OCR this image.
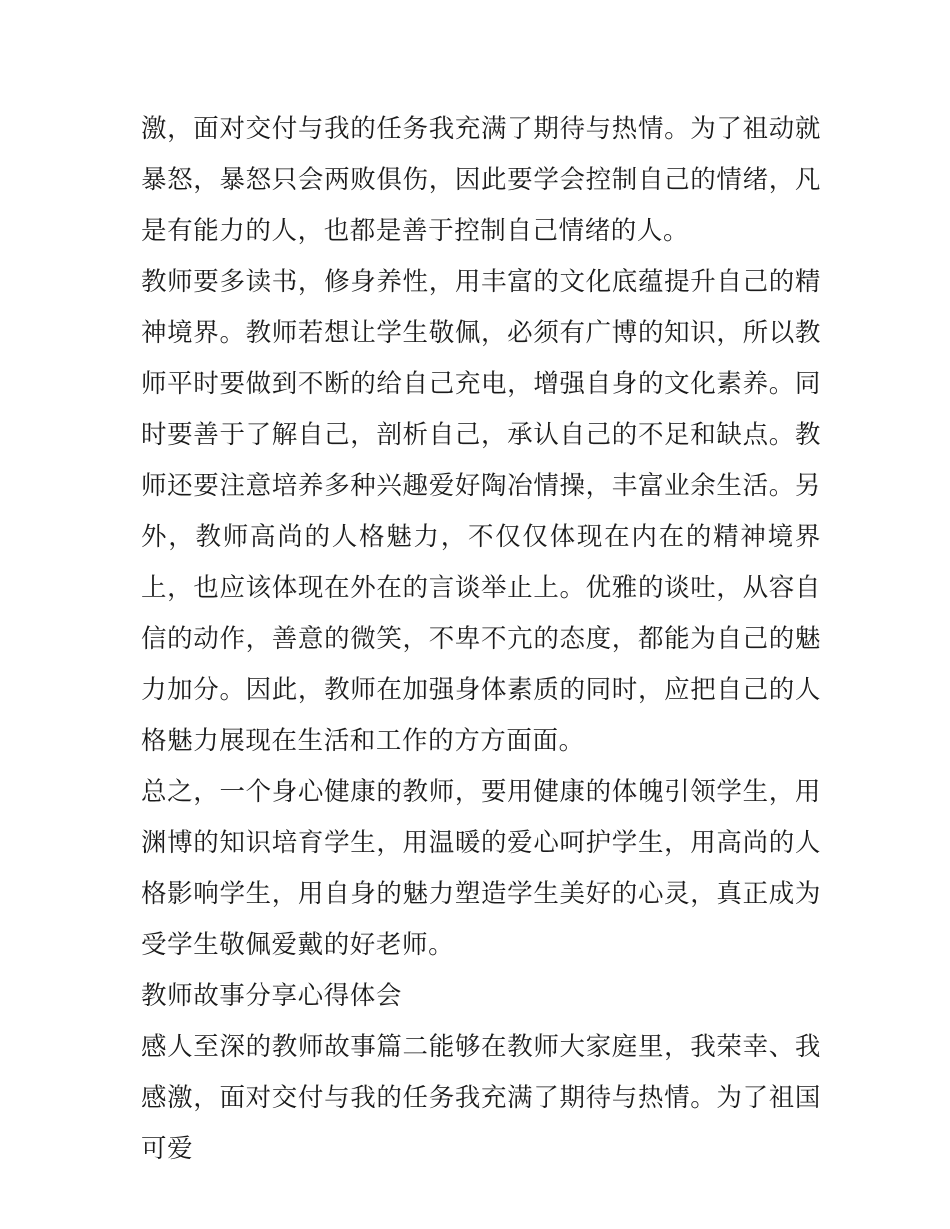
激，面对交付与我的任务我充满了期待与热情。为了祖动就暴怒，暴怒只会两败俱伤，因此要学会控制自己的情绪，凡是有能力的人，也都是善于控制自己情绪的人。

教师要多读书，修身养性，用丰富的文化底蕴提升自己的精神境界。教师若想让学生敬佩，必须有广博的知识，所以教师平时要做到不断的给自己充电，增强自身的文化素养。同时要善于了解自己，剖析自己，承认自己的不足和缺点。教师还要注意培养多种兴趣爱好陶冶情操，丰富业余生活。另外，教师高尚的人格魅力，不仅仅体现在内在的精神境界上，也应该体现在外在的言谈举止上。优雅的谈吐，从容自信的动作，善意的微笑，不卑不亢的态度，都能为自己的魅力加分。因此，教师在加强身体素质的同时，应把自己的人格魅力展现在生活和工作的方方面面。

总之，一个身心健康的教师，要用健康的体魄引领学生，用渊博的知识培育学生，用温暖的爱心呵护学生，用高尚的人格影响学生，用自身的魅力塑造学生美好的心灵，真正成为受学生敬佩爱戴的好老师。

教师故事分享心得体会

感人至深的教师故事篇二能够在教师大家庭里，我荣幸、我感激，面对交付与我的任务我充满了期待与热情。为了祖国可爱
